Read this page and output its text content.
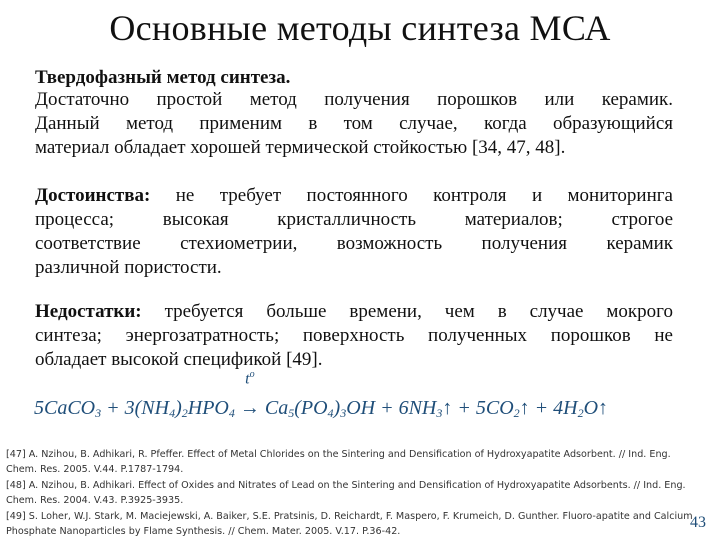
Основные методы синтеза МСА
Твердофазный метод синтеза.
Достаточно простой метод получения порошков или керамик.
Данный метод применим в том случае, когда образующийся
материал обладает хорошей термической стойкостью [34, 47, 48].
Достоинства: не требует постоянного контроля и мониторинга
процесса; высокая кристалличность материалов; строгое
соответствие стехиометрии, возможность получения керамик
различной пористости.
Недостатки: требуется больше времени, чем в случае мокрого
синтеза; энергозатратность; поверхность полученных порошков не
обладает высокой спецификой [49].
5CaCO$_3$ + $3(NH_4)_2HPO_4$
$t^o$
→ $Ca_5(PO_4)_3OH$ + $6NH_3↑$ + $5CO_2↑$ + $4H_2O↑$
[47] A. Nzihou, B. Adhikari, R. Pfeffer. Effect of Metal Chlorides on the Sintering and Densification of Hydroxyapatite Adsorbent. // Ind. Eng.
Chem. Res. 2005. V.44. P.1787-1794.
[48] A. Nzihou, B. Adhikari. Effect of Oxides and Nitrates of Lead on the Sintering and Densification of Hydroxyapatite Adsorbents. // Ind. Eng.
Chem. Res. 2004. V.43. P.3925-3935.
[49] S. Loher, W.J. Stark, M. Maciejewski, A. Baiker, S.E. Pratsinis, D. Reichardt, F. Maspero, F. Krumeich, D. Gunther. Fluoro-apatite and Calcium
Phosphate Nanoparticles by Flame Synthesis. // Chem. Mater. 2005. V.17. P.36-42.
43
